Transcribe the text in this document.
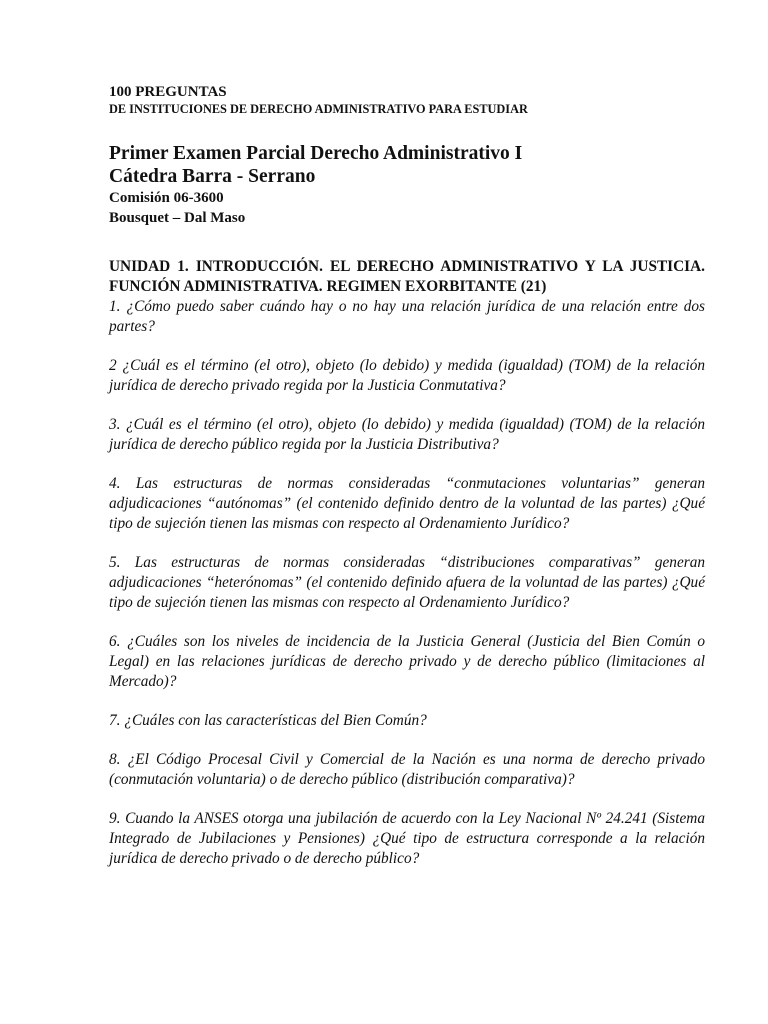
100 PREGUNTAS

DE INSTITUCIONES DE DERECHO ADMINISTRATIVO PARA ESTUDIAR

Primer Examen Parcial Derecho Administrativo I

Cátedra Barra - Serrano

Comisión 06-3600

Bousquet – Dal Maso

UNIDAD 1. INTRODUCCIÓN. EL DERECHO ADMINISTRATIVO Y LA JUSTICIA. FUNCIÓN ADMINISTRATIVA. REGIMEN EXORBITANTE (21)

1. ¿Cómo puedo saber cuándo hay o no hay una relación jurídica de una relación entre dos partes?

2 ¿Cuál es el término (el otro), objeto (lo debido) y medida (igualdad) (TOM) de la relación jurídica de derecho privado regida por la Justicia Conmutativa?

3. ¿Cuál es el término (el otro), objeto (lo debido) y medida (igualdad) (TOM) de la relación jurídica de derecho público regida por la Justicia Distributiva?

4. Las estructuras de normas consideradas “conmutaciones voluntarias” generan adjudicaciones “autónomas” (el contenido definido dentro de la voluntad de las partes) ¿Qué tipo de sujeción tienen las mismas con respecto al Ordenamiento Jurídico?

5. Las estructuras de normas consideradas “distribuciones comparativas” generan adjudicaciones “heterónomas” (el contenido definido afuera de la voluntad de las partes) ¿Qué tipo de sujeción tienen las mismas con respecto al Ordenamiento Jurídico?

6. ¿Cuáles son los niveles de incidencia de la Justicia General (Justicia del Bien Común o Legal) en las relaciones jurídicas de derecho privado y de derecho público (limitaciones al Mercado)?

7. ¿Cuáles con las características del Bien Común?

8. ¿El Código Procesal Civil y Comercial de la Nación es una norma de derecho privado (conmutación voluntaria) o de derecho público (distribución comparativa)?

9. Cuando la ANSES otorga una jubilación de acuerdo con la Ley Nacional Nº 24.241 (Sistema Integrado de Jubilaciones y Pensiones) ¿Qué tipo de estructura corresponde a la relación jurídica de derecho privado o de derecho público?
